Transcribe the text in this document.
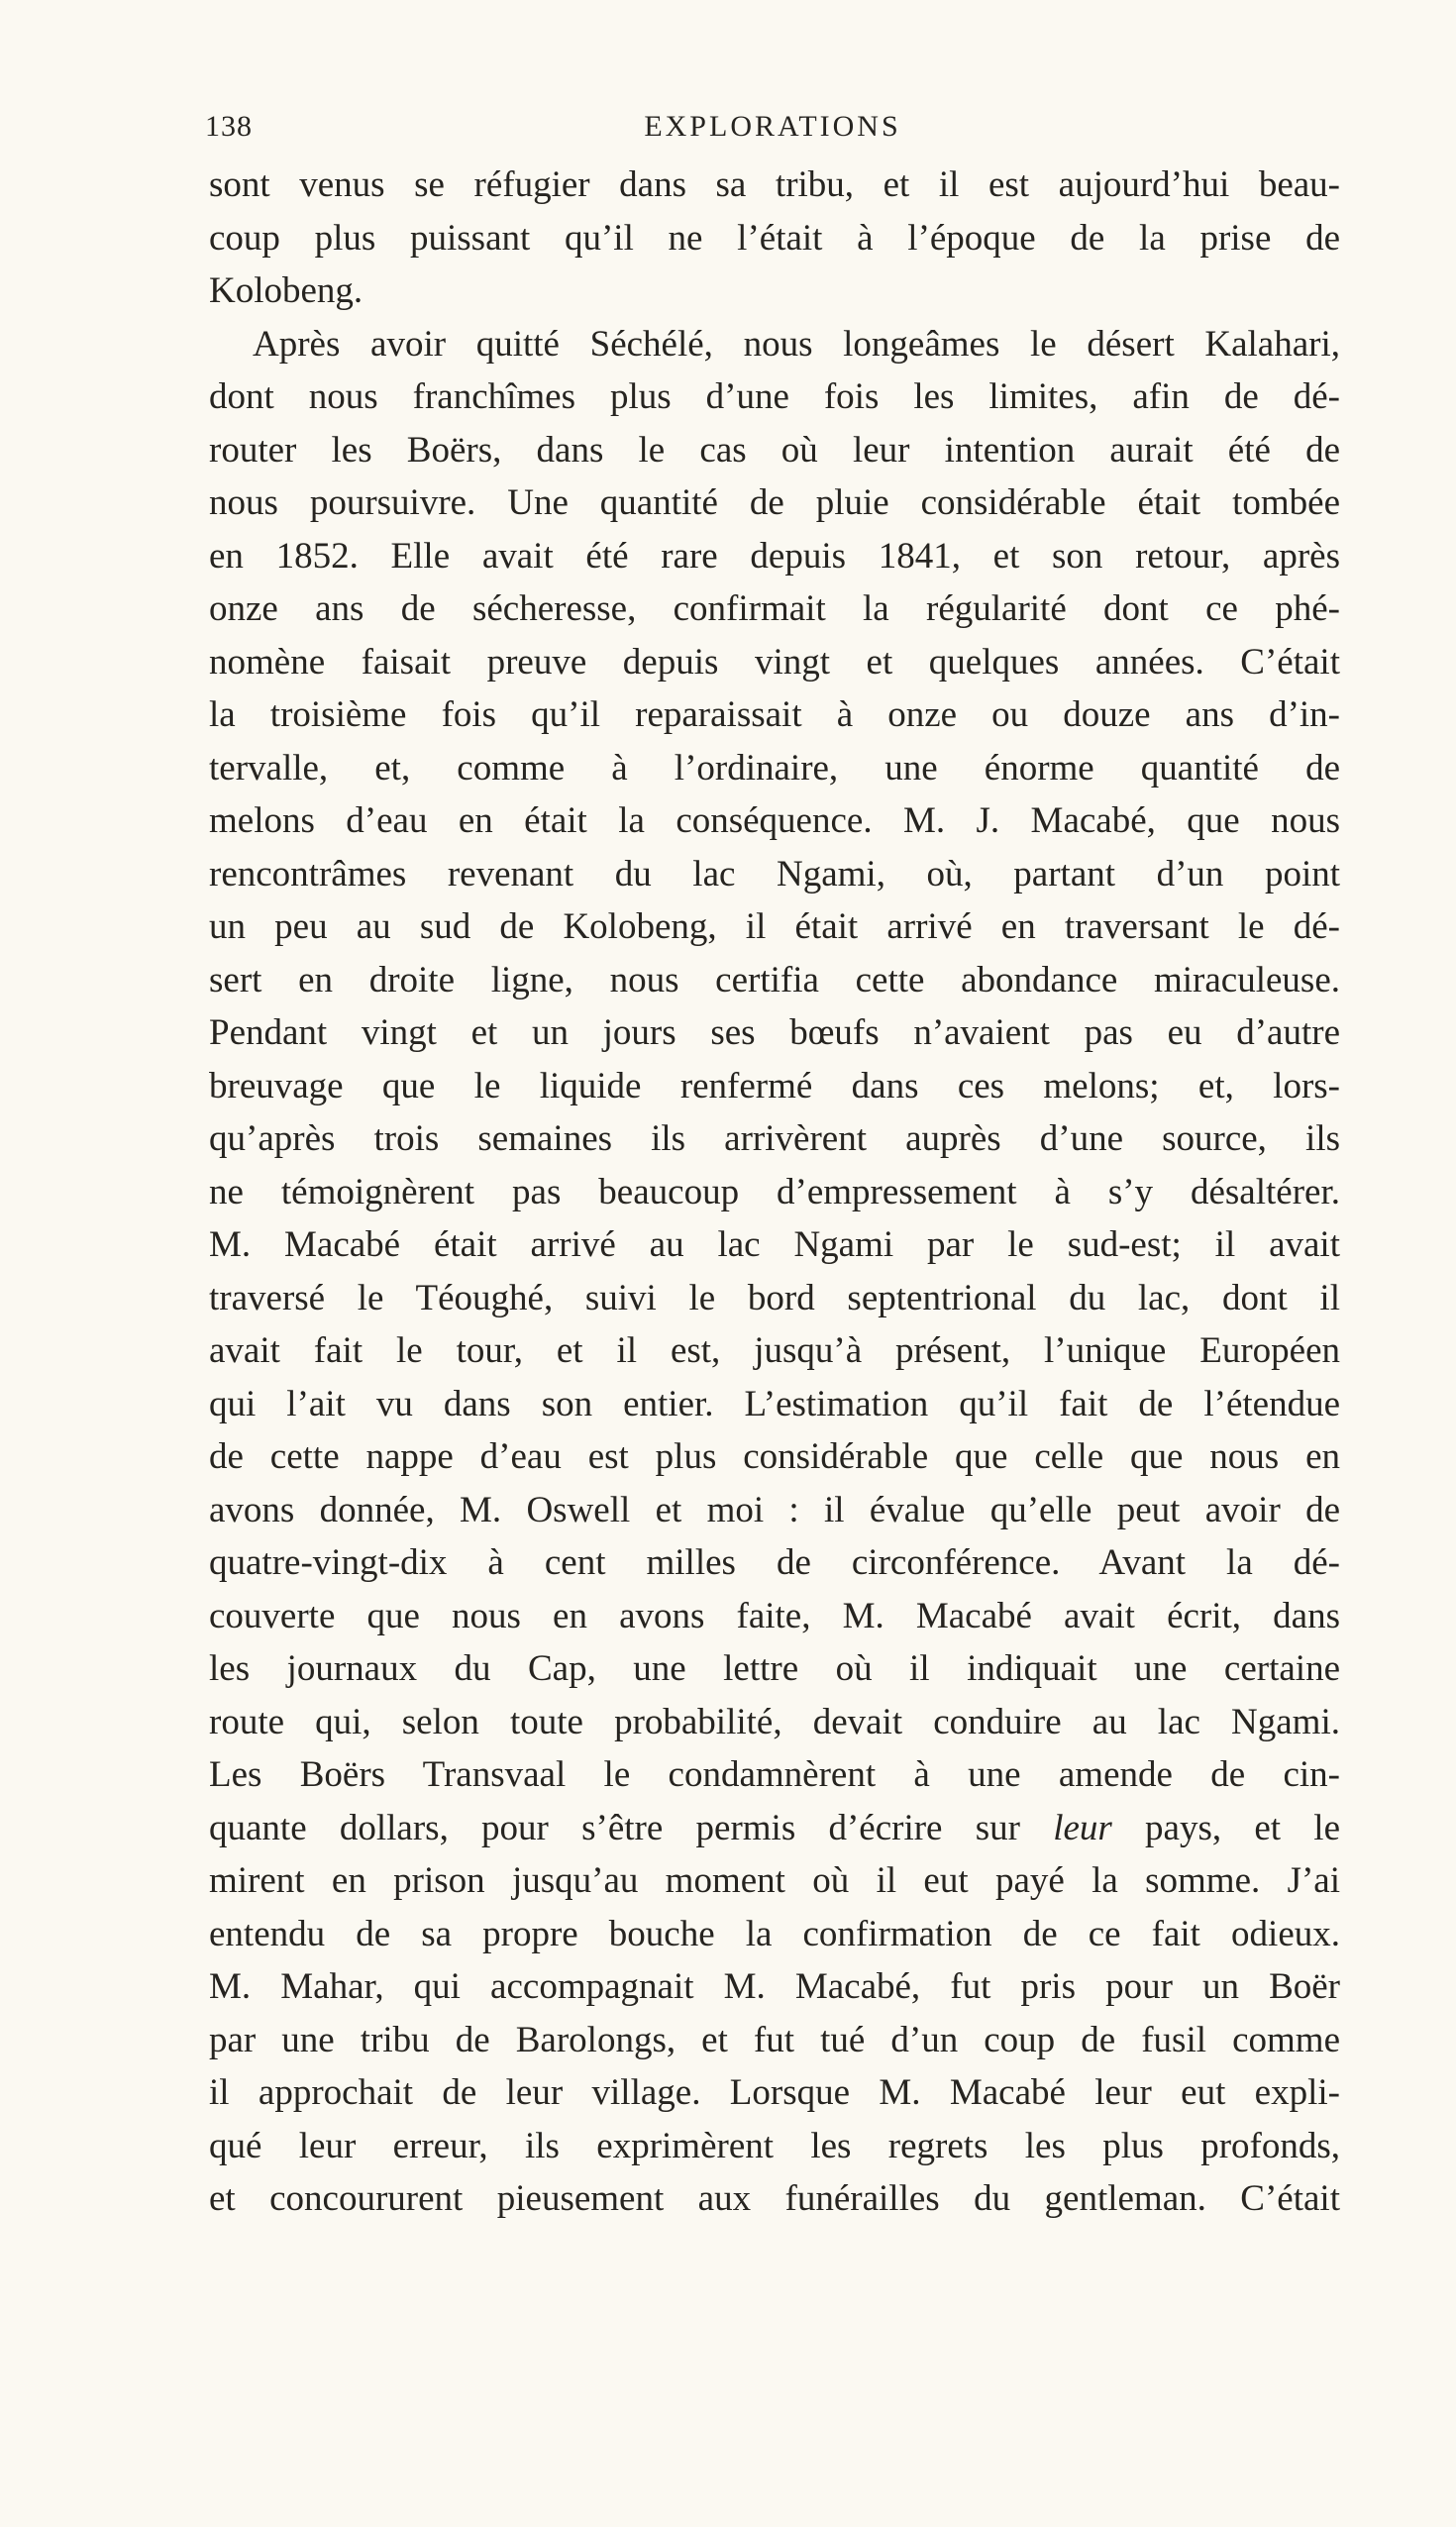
138	EXPLORATIONS
sont venus se réfugier dans sa tribu, et il est aujourd’hui beau-
coup plus puissant qu’il ne l’était à l’époque de la prise de
Kolobeng.
Après avoir quitté Séchélé, nous longeâmes le désert Kalahari,
dont nous franchîmes plus d’une fois les limites, afin de dé-
router les Boërs, dans le cas où leur intention aurait été de
nous poursuivre. Une quantité de pluie considérable était tombée
en 1852. Elle avait été rare depuis 1841, et son retour, après
onze ans de sécheresse, confirmait la régularité dont ce phé-
nomène faisait preuve depuis vingt et quelques années. C’était
la troisième fois qu’il reparaissait à onze ou douze ans d’in-
tervalle, et, comme à l’ordinaire, une énorme quantité de
melons d’eau en était la conséquence. M. J. Macabé, que nous
rencontrâmes revenant du lac Ngami, où, partant d’un point
un peu au sud de Kolobeng, il était arrivé en traversant le dé-
sert en droite ligne, nous certifia cette abondance miraculeuse.
Pendant vingt et un jours ses bœufs n’avaient pas eu d’autre
breuvage que le liquide renfermé dans ces melons; et, lors-
qu’après trois semaines ils arrivèrent auprès d’une source, ils
ne témoignèrent pas beaucoup d’empressement à s’y désaltérer.
M. Macabé était arrivé au lac Ngami par le sud-est; il avait
traversé le Téoughé, suivi le bord septentrional du lac, dont il
avait fait le tour, et il est, jusqu’à présent, l’unique Européen
qui l’ait vu dans son entier. L’estimation qu’il fait de l’étendue
de cette nappe d’eau est plus considérable que celle que nous en
avons donnée, M. Oswell et moi : il évalue qu’elle peut avoir de
quatre-vingt-dix à cent milles de circonférence. Avant la dé-
couverte que nous en avons faite, M. Macabé avait écrit, dans
les journaux du Cap, une lettre où il indiquait une certaine
route qui, selon toute probabilité, devait conduire au lac Ngami.
Les Boërs Transvaal le condamnèrent à une amende de cin-
quante dollars, pour s’être permis d’écrire sur leur pays, et le
mirent en prison jusqu’au moment où il eut payé la somme. J’ai
entendu de sa propre bouche la confirmation de ce fait odieux.
M. Mahar, qui accompagnait M. Macabé, fut pris pour un Boër
par une tribu de Barolongs, et fut tué d’un coup de fusil comme
il approchait de leur village. Lorsque M. Macabé leur eut expli-
qué leur erreur, ils exprimèrent les regrets les plus profonds,
et concoururent pieusement aux funérailles du gentleman. C’était
